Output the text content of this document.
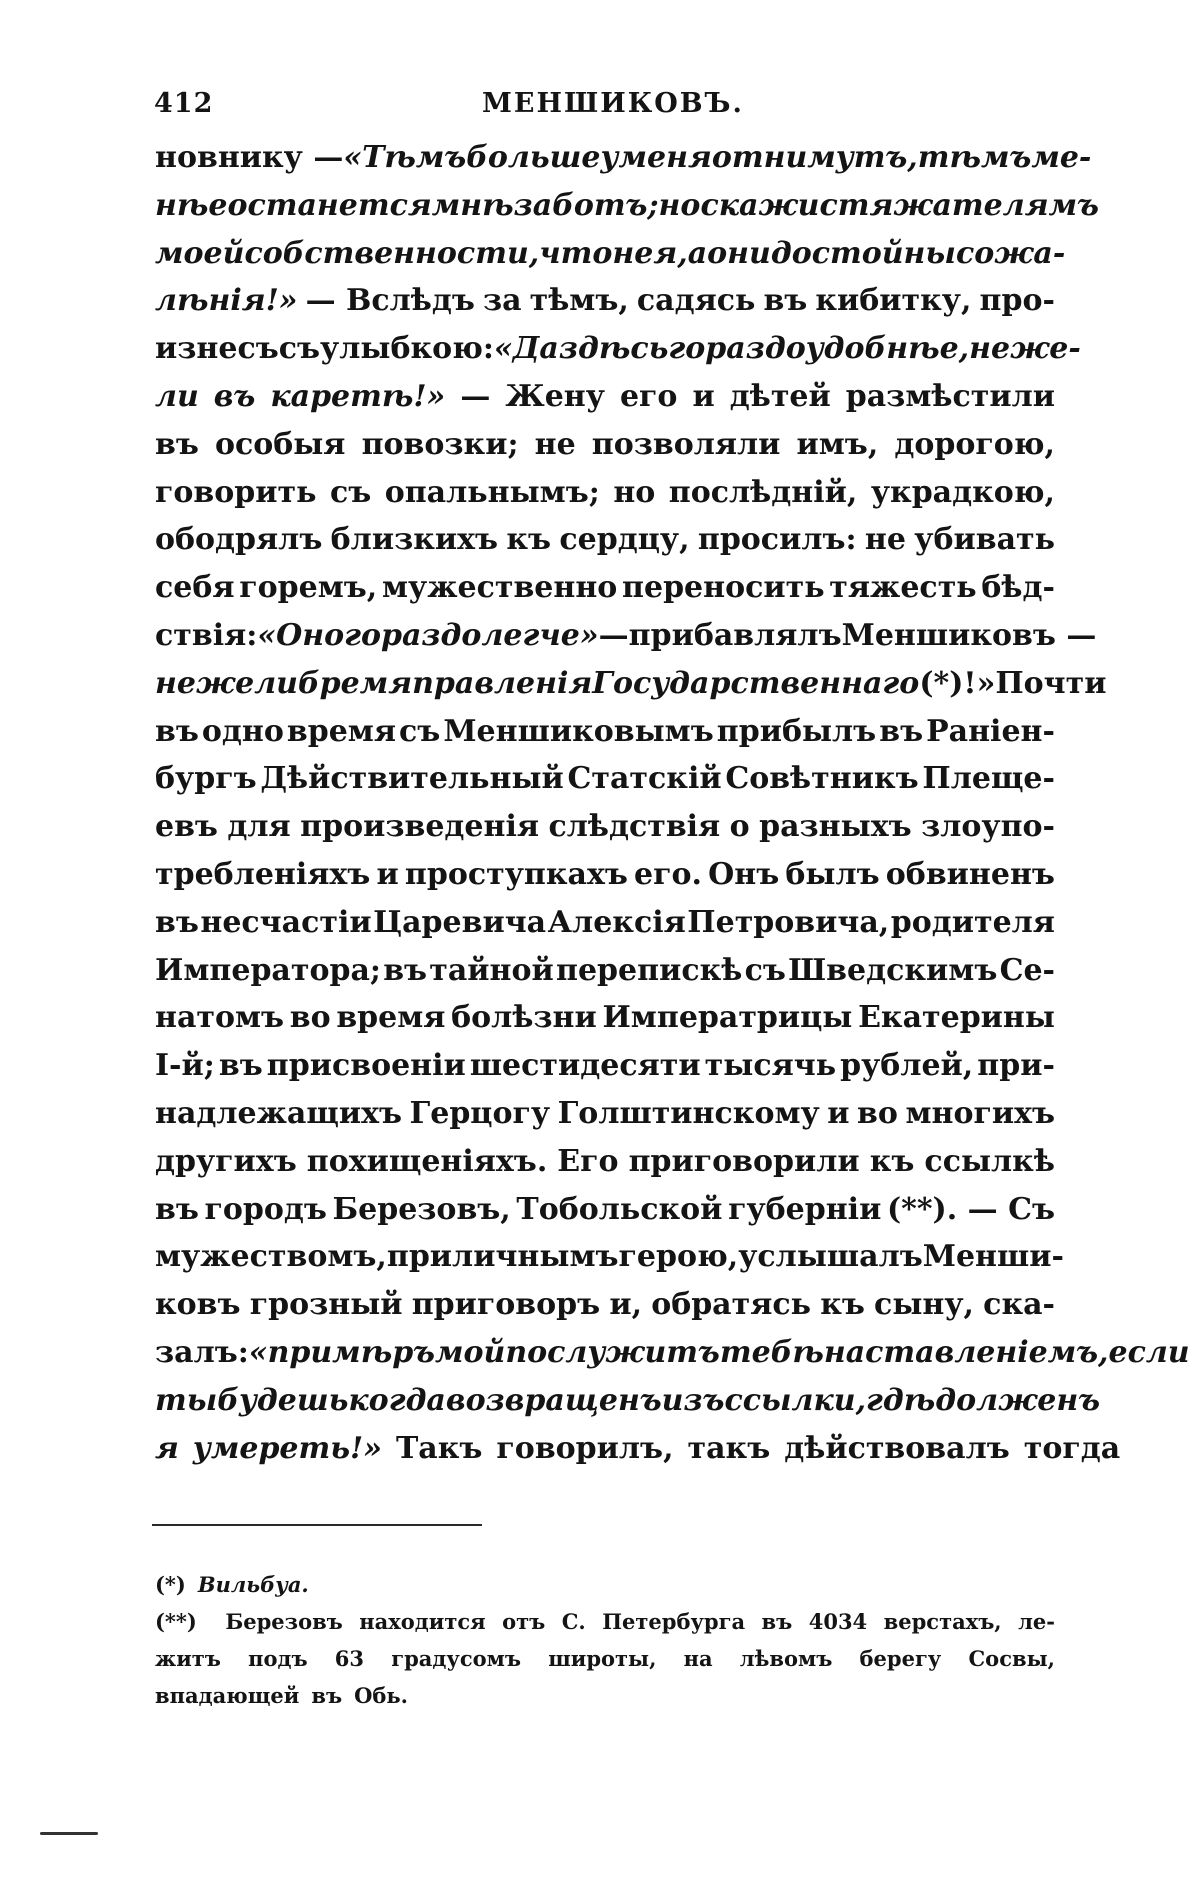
412	МЕНШИКОВЪ.
новнику — «Тѣмъ больше у меня отнимутъ, тѣмъ ме-
нѣе останется мнѣ заботъ; но скажи стяжателямъ
моей собственности, что не я, а они достойны сожа-
лѣнія!» — Вслѣдъ за тѣмъ, садясь въ кибитку, про-
изнесъ съ улыбкою: «Да здѣсь гораздо удобнѣе, нежe-
ли въ каретѣ!» — Жену его и дѣтей размѣстили
въ особыя повозки; не позволяли имъ, дорогою,
говорить съ опальнымъ; но послѣдній, украдкою,
ободрялъ близкихъ къ сердцу, просилъ: не убивать
себя горемъ, мужественно переносить тяжесть бѣд-
ствія: «Оно гораздо легче» —прибавлялъ Меншиковъ —
нежели бремя правленія Государственнаго (*)!» Почти
въ одно время съ Меншиковымъ прибылъ въ Раніен-
бургъ Дѣйствительный Статскій Совѣтникъ Плеще-
евъ для произведенія слѣдствія о разныхъ злоупо-
требленіяхъ и проступкахъ его. Онъ былъ обвиненъ
въ несчастіи Царевича Алексія Петровича, родителя
Императора; въ тайной перепискѣ съ Шведскимъ Се-
натомъ во время болѣзни Императрицы Екатерины
I-й; въ присвоеніи шестидесяти тысячь рублей, при-
надлежащихъ Герцогу Голштинскому и во многихъ
другихъ похищеніяхъ. Его приговорили къ ссылкѣ
въ городъ Березовъ, Тобольской губерніи (**). — Съ
мужествомъ, приличнымъ герою, услышалъ Менши-
ковъ грозный приговоръ и, обратясь къ сыну, ска-
залъ: «примѣръ мой послужитъ тебѣ наставленіемъ, если
ты будешь когда возвращенъ изъ ссылки, гдѣ долженъ
я умереть!» Такъ говорилъ, такъ дѣйствовалъ тогда
(*) Вильбуа.
(**) Березовъ находится отъ С. Петербурга въ 4034 верстахъ, ле-
житъ подъ 63 градусомъ широты, на лѣвомъ берегу Сосвы,
впадающей въ Обь.
